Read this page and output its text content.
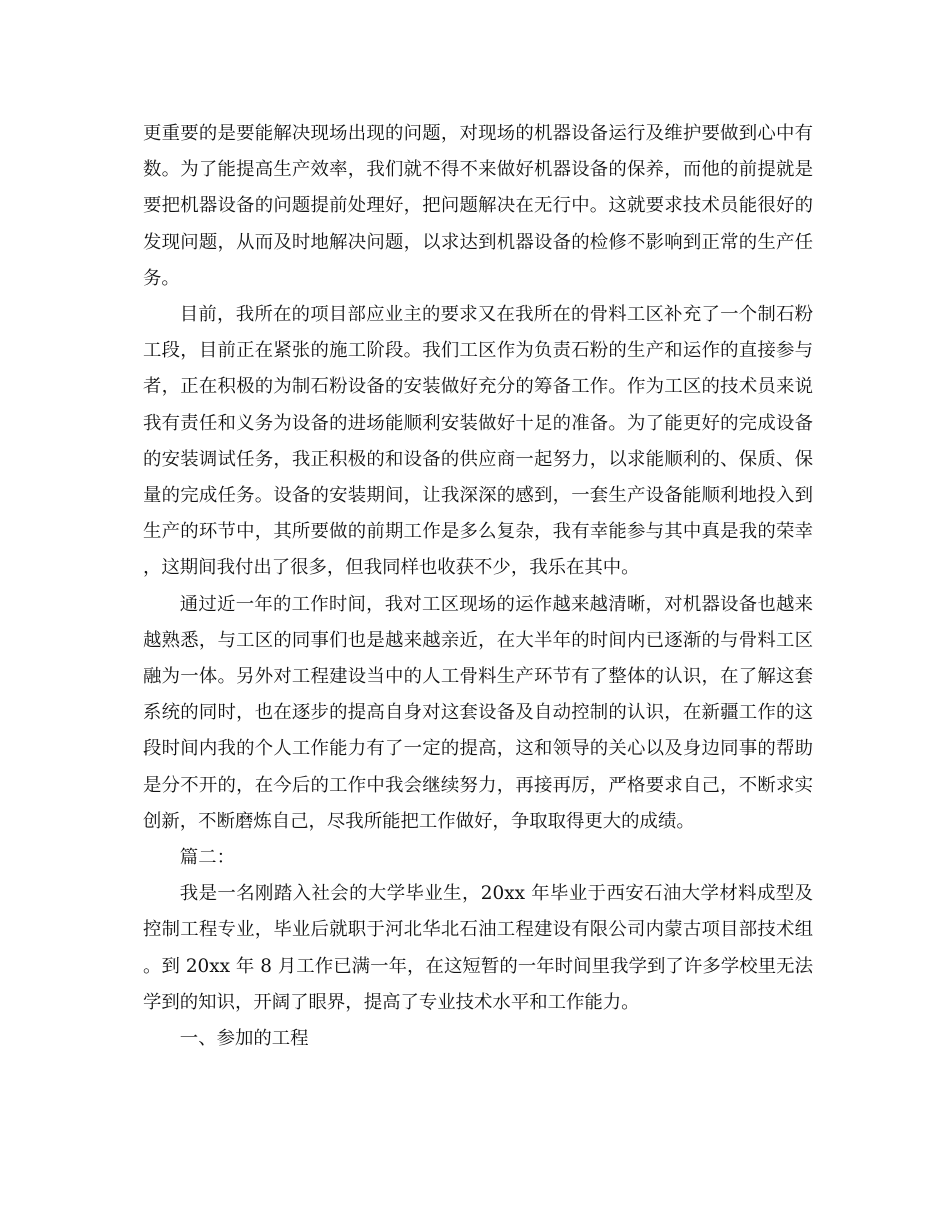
更重要的是要能解决现场出现的问题，对现场的机器设备运行及维护要做到心中有数。为了能提高生产效率，我们就不得不来做好机器设备的保养，而他的前提就是要把机器设备的问题提前处理好，把问题解决在无行中。这就要求技术员能很好的发现问题，从而及时地解决问题，以求达到机器设备的检修不影响到正常的生产任务。

目前，我所在的项目部应业主的要求又在我所在的骨料工区补充了一个制石粉工段，目前正在紧张的施工阶段。我们工区作为负责石粉的生产和运作的直接参与者，正在积极的为制石粉设备的安装做好充分的筹备工作。作为工区的技术员来说我有责任和义务为设备的进场能顺利安装做好十足的准备。为了能更好的完成设备的安装调试任务，我正积极的和设备的供应商一起努力，以求能顺利的、保质、保量的完成任务。设备的安装期间，让我深深的感到，一套生产设备能顺利地投入到生产的环节中，其所要做的前期工作是多么复杂，我有幸能参与其中真是我的荣幸，这期间我付出了很多，但我同样也收获不少，我乐在其中。

通过近一年的工作时间，我对工区现场的运作越来越清晰，对机器设备也越来越熟悉，与工区的同事们也是越来越亲近，在大半年的时间内已逐渐的与骨料工区融为一体。另外对工程建设当中的人工骨料生产环节有了整体的认识，在了解这套系统的同时，也在逐步的提高自身对这套设备及自动控制的认识，在新疆工作的这段时间内我的个人工作能力有了一定的提高，这和领导的关心以及身边同事的帮助是分不开的，在今后的工作中我会继续努力，再接再厉，严格要求自己，不断求实创新，不断磨炼自己，尽我所能把工作做好，争取取得更大的成绩。

篇二：

我是一名刚踏入社会的大学毕业生，20xx 年毕业于西安石油大学材料成型及控制工程专业，毕业后就职于河北华北石油工程建设有限公司内蒙古项目部技术组。到 20xx 年 8 月工作已满一年，在这短暂的一年时间里我学到了许多学校里无法学到的知识，开阔了眼界，提高了专业技术水平和工作能力。

一、参加的工程
